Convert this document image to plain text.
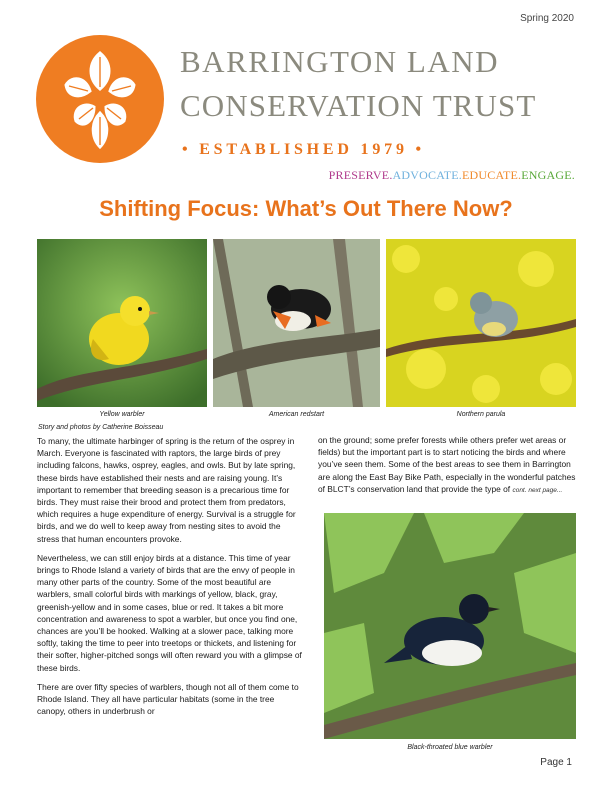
Spring 2020
BARRINGTON LAND
CONSERVATION TRUST
• ESTABLISHED 1979 •
PRESERVE.ADVOCATE.EDUCATE.ENGAGE.
Shifting Focus: What’s Out There Now?
Yellow warbler	American redstart	Northern parula
Story and photos by Catherine Boisseau

To many, the ultimate harbinger of spring is the return of the osprey in March. Everyone is fascinated with raptors, the large birds of prey including falcons, hawks, osprey, eagles, and owls. But by late spring, these birds have established their nests and are raising young. It’s important to remember that breeding season is a precarious time for birds. They must raise their brood and protect them from predators, which requires a huge expenditure of energy. Survival is a struggle for birds, and we do well to keep away from nesting sites to avoid the stress that human encounters provoke.

Nevertheless, we can still enjoy birds at a distance. This time of year brings to Rhode Island a variety of birds that are the envy of people in many other parts of the country. Some of the most beautiful are warblers, small colorful birds with markings of yellow, black, gray, greenish-yellow and in some cases, blue or red. It takes a bit more concentration and awareness to spot a warbler, but once you find one, chances are you’ll be hooked. Walking at a slower pace, talking more softly, taking the time to peer into treetops or thickets, and listening for their softer, higher-pitched songs will often reward you with a glimpse of these birds.

There are over fifty species of warblers, though not all of them come to Rhode Island. They all have particular habitats (some in the tree canopy, others in underbrush or

on the ground; some prefer forests while others prefer wet areas or fields) but the important part is to start noticing the birds and where you’ve seen them. Some of the best areas to see them in Barrington are along the East Bay Bike Path, especially in the wonderful patches of BLCT’s conservation land that provide the type of cont. next page...
Black-throated blue warbler
Page 1
